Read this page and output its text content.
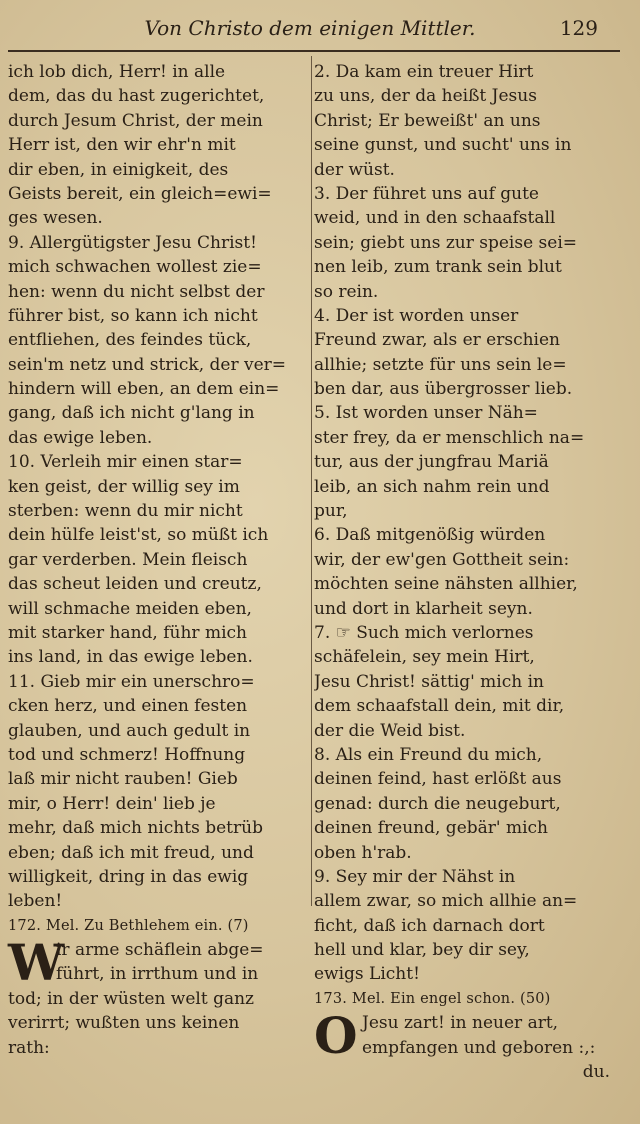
Von Christo dem einigen Mittler.	129
ich lob dich, Herr! in alle
dem, das du hast zugerichtet,
durch Jesum Christ, der mein
Herr ist, den wir ehr'n mit
dir eben, in einigkeit, des
Geists bereit, ein gleich=ewi=
ges wesen.
9. Allergütigster Jesu Christ!
mich schwachen wollest zie=
hen: wenn du nicht selbst der
führer bist, so kann ich nicht
entfliehen, des feindes tück,
sein'm netz und strick, der ver=
hindern will eben, an dem ein=
gang, daß ich nicht g'lang in
das ewige leben.
10. Verleih mir einen star=
ken geist, der willig sey im
sterben: wenn du mir nicht
dein hülfe leist'st, so müßt ich
gar verderben. Mein fleisch
das scheut leiden und creutz,
will schmache meiden eben,
mit starker hand, führ mich
ins land, in das ewige leben.
11. Gieb mir ein unerschro=
cken herz, und einen festen
glauben, und auch gedult in
tod und schmerz! Hoffnung
laß mir nicht rauben! Gieb
mir, o Herr! dein' lieb je
mehr, daß mich nichts betrüb
eben; daß ich mit freud, und
willigkeit, dring in das ewig
leben!
172. Mel. Zu Bethlehem ein. (7)
W
ir arme schäflein abge=
führt, in irrthum und in
tod; in der wüsten welt ganz
verirrt; wußten uns keinen
rath:
2. Da kam ein treuer Hirt
zu uns, der da heißt Jesus
Christ; Er beweißt' an uns
seine gunst, und sucht' uns in
der wüst.
3. Der führet uns auf gute
weid, und in den schaafstall
sein; giebt uns zur speise sei=
nen leib, zum trank sein blut
so rein.
4. Der ist worden unser
Freund zwar, als er erschien
allhie; setzte für uns sein le=
ben dar, aus übergrosser lieb.
5. Ist worden unser Näh=
ster frey, da er menschlich na=
tur, aus der jungfrau Mariä
leib, an sich nahm rein und
pur,
6. Daß mitgenößig würden
wir, der ew'gen Gottheit sein:
möchten seine nähsten allhier,
und dort in klarheit seyn.
7. ☞ Such mich verlornes
schäfelein, sey mein Hirt,
Jesu Christ! sättig' mich in
dem schaafstall dein, mit dir,
der die Weid bist.
8. Als ein Freund du mich,
deinen feind, hast erlößt aus
genad: durch die neugeburt,
deinen freund, gebär' mich
oben h'rab.
9. Sey mir der Nähst in
allem zwar, so mich allhie an=
ficht, daß ich darnach dort
hell und klar, bey dir sey,
ewigs Licht!
173. Mel. Ein engel schon. (50)
O Jesu zart! in neuer art,
empfangen und geboren :,:
du.
